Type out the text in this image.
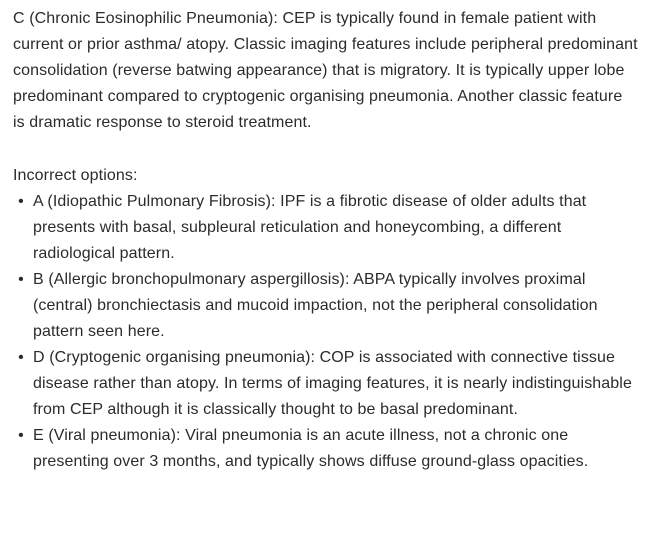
C (Chronic Eosinophilic Pneumonia): CEP is typically found in female patient with current or prior asthma/ atopy. Classic imaging features include peripheral predominant consolidation (reverse batwing appearance) that is migratory. It is typically upper lobe predominant compared to cryptogenic organising pneumonia. Another classic feature is dramatic response to steroid treatment.

Incorrect options:

• A (Idiopathic Pulmonary Fibrosis): IPF is a fibrotic disease of older adults that presents with basal, subpleural reticulation and honeycombing, a different radiological pattern.
• B (Allergic bronchopulmonary aspergillosis): ABPA typically involves proximal (central) bronchiectasis and mucoid impaction, not the peripheral consolidation pattern seen here.
• D (Cryptogenic organising pneumonia): COP is associated with connective tissue disease rather than atopy. In terms of imaging features, it is nearly indistinguishable from CEP although it is classically thought to be basal predominant.
• E (Viral pneumonia): Viral pneumonia is an acute illness, not a chronic one presenting over 3 months, and typically shows diffuse ground-glass opacities.
